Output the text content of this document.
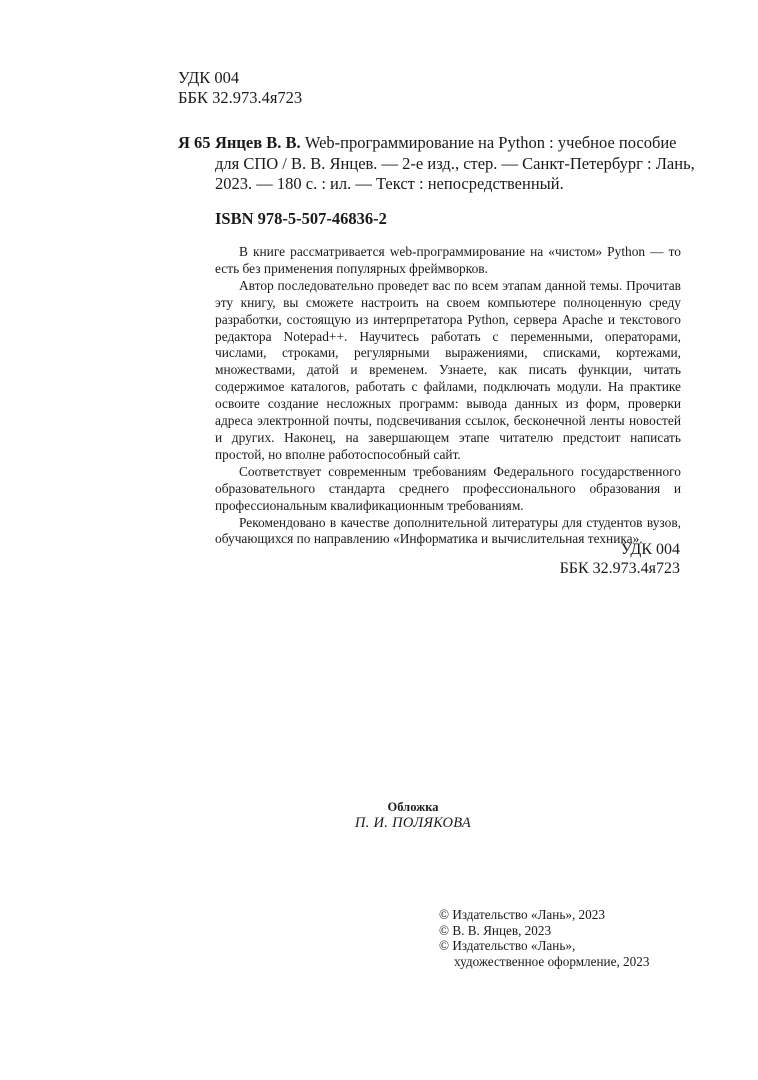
УДК 004
ББК 32.973.4я723
Я 65 Янцев В. В. Web-программирование на Python : учебное пособие
для СПО / В. В. Янцев. — 2-е изд., стер. — Санкт-Петербург : Лань,
2023. — 180 с. : ил. — Текст : непосредственный.
ISBN 978-5-507-46836-2

В книге рассматривается web-программирование на «чистом» Python — то есть без применения популярных фреймворков.

Автор последовательно проведет вас по всем этапам данной темы. Прочитав эту книгу, вы сможете настроить на своем компьютере полноценную среду разработки, состоящую из интерпретатора Python, сервера Apache и текстового редактора Notepad++. Научитесь работать с переменными, операторами, числами, строками, регулярными выражениями, списками, кортежами, множествами, датой и временем. Узнаете, как писать функции, читать содержимое каталогов, работать с файлами, подключать модули. На практике освоите создание несложных программ: вывода данных из форм, проверки адреса электронной почты, подсвечивания ссылок, бесконечной ленты новостей и других. Наконец, на завершающем этапе читателю предстоит написать простой, но вполне работоспособный сайт.

Соответствует современным требованиям Федерального государственного образовательного стандарта среднего профессионального образования и профессиональным квалификационным требованиям.

Рекомендовано в качестве дополнительной литературы для студентов вузов, обучающихся по направлению «Информатика и вычислительная техника».

УДК 004
ББК 32.973.4я723
Обложка
П. И. ПОЛЯКОВА
© Издательство «Лань», 2023
© В. В. Янцев, 2023
© Издательство «Лань»,
художественное оформление, 2023
